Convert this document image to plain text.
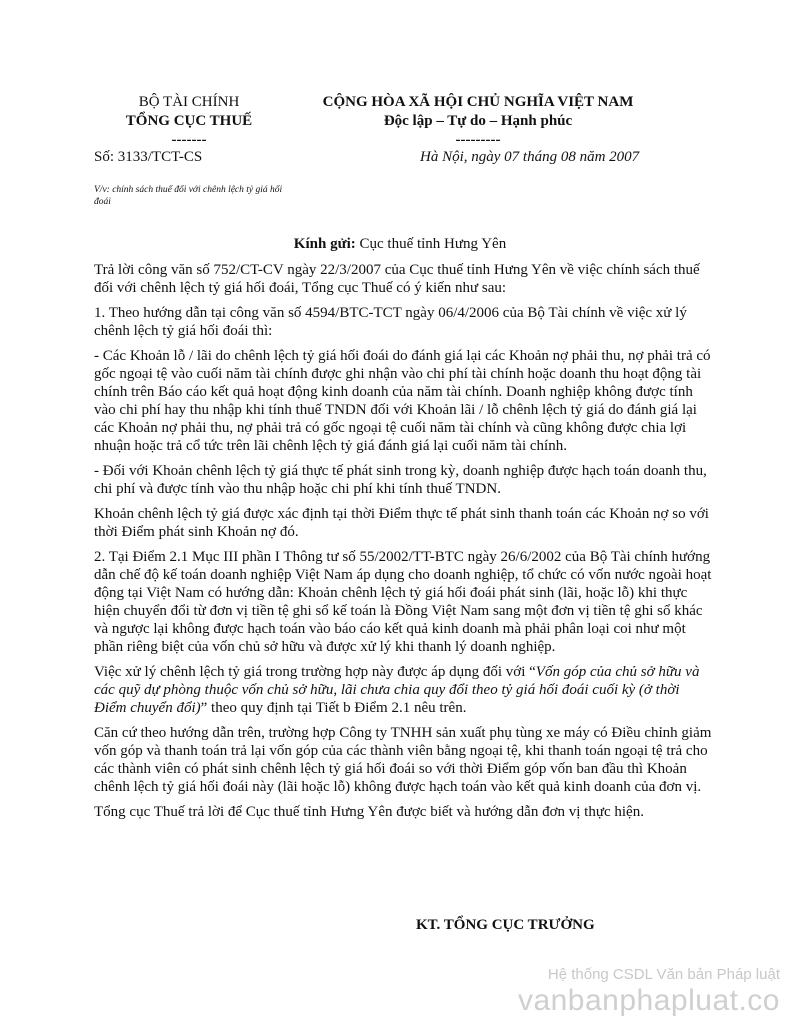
BỘ TÀI CHÍNH
TỔNG CỤC THUẾ
-------
CỘNG HÒA XÃ HỘI CHỦ NGHĨA VIỆT NAM
Độc lập – Tự do – Hạnh phúc
---------
Số: 3133/TCT-CS	Hà Nội, ngày 07 tháng 08 năm 2007
V/v: chính sách thuế đối với chênh lệch tỷ giá hối đoái
Kính gửi: Cục thuế tỉnh Hưng Yên

Trả lời công văn số 752/CT-CV ngày 22/3/2007 của Cục thuế tỉnh Hưng Yên về việc chính sách thuế đối với chênh lệch tỷ giá hối đoái, Tổng cục Thuế có ý kiến như sau:

1. Theo hướng dẫn tại công văn số 4594/BTC-TCT ngày 06/4/2006 của Bộ Tài chính về việc xử lý chênh lệch tỷ giá hối đoái thì:

- Các Khoản lỗ / lãi do chênh lệch tỷ giá hối đoái do đánh giá lại các Khoản nợ phải thu, nợ phải trả có gốc ngoại tệ vào cuối năm tài chính được ghi nhận vào chi phí tài chính hoặc doanh thu hoạt động tài chính trên Báo cáo kết quả hoạt động kinh doanh của năm tài chính. Doanh nghiệp không được tính vào chi phí hay thu nhập khi tính thuế TNDN đối với Khoản lãi / lỗ chênh lệch tỷ giá do đánh giá lại các Khoản nợ phải thu, nợ phải trả có gốc ngoại tệ cuối năm tài chính và cũng không được chia lợi nhuận hoặc trả cổ tức trên lãi chênh lệch tỷ giá đánh giá lại cuối năm tài chính.

- Đối với Khoản chênh lệch tỷ giá thực tế phát sinh trong kỳ, doanh nghiệp được hạch toán doanh thu, chi phí và được tính vào thu nhập hoặc chi phí khi tính thuế TNDN.

Khoản chênh lệch tỷ giá được xác định tại thời Điểm thực tế phát sinh thanh toán các Khoản nợ so với thời Điểm phát sinh Khoản nợ đó.

2. Tại Điểm 2.1 Mục III phần I Thông tư số 55/2002/TT-BTC ngày 26/6/2002 của Bộ Tài chính hướng dẫn chế độ kế toán doanh nghiệp Việt Nam áp dụng cho doanh nghiệp, tổ chức có vốn nước ngoài hoạt động tại Việt Nam có hướng dẫn: Khoản chênh lệch tỷ giá hối đoái phát sinh (lãi, hoặc lỗ) khi thực hiện chuyển đổi từ đơn vị tiền tệ ghi sổ kế toán là Đồng Việt Nam sang một đơn vị tiền tệ ghi sổ khác và ngược lại không được hạch toán vào báo cáo kết quả kinh doanh mà phải phân loại coi như một phần riêng biệt của vốn chủ sở hữu và được xử lý khi thanh lý doanh nghiệp.

Việc xử lý chênh lệch tỷ giá trong trường hợp này được áp dụng đối với “Vốn góp của chủ sở hữu và các quỹ dự phòng thuộc vốn chủ sở hữu, lãi chưa chia quy đổi theo tỷ giá hối đoái cuối kỳ (ở thời Điểm chuyển đổi)” theo quy định tại Tiết b Điểm 2.1 nêu trên.

Căn cứ theo hướng dẫn trên, trường hợp Công ty TNHH sản xuất phụ tùng xe máy có Điều chỉnh giảm vốn góp và thanh toán trả lại vốn góp của các thành viên bằng ngoại tệ, khi thanh toán ngoại tệ trả cho các thành viên có phát sinh chênh lệch tỷ giá hối đoái so với thời Điểm góp vốn ban đầu thì Khoản chênh lệch tỷ giá hối đoái này (lãi hoặc lỗ) không được hạch toán vào kết quả kinh doanh của đơn vị.

Tổng cục Thuế trả lời để Cục thuế tỉnh Hưng Yên được biết và hướng dẫn đơn vị thực hiện.

KT. TỔNG CỤC TRƯỞNG
Hệ thống CSDL Văn bản Pháp luật
vanbanphapluat.co
